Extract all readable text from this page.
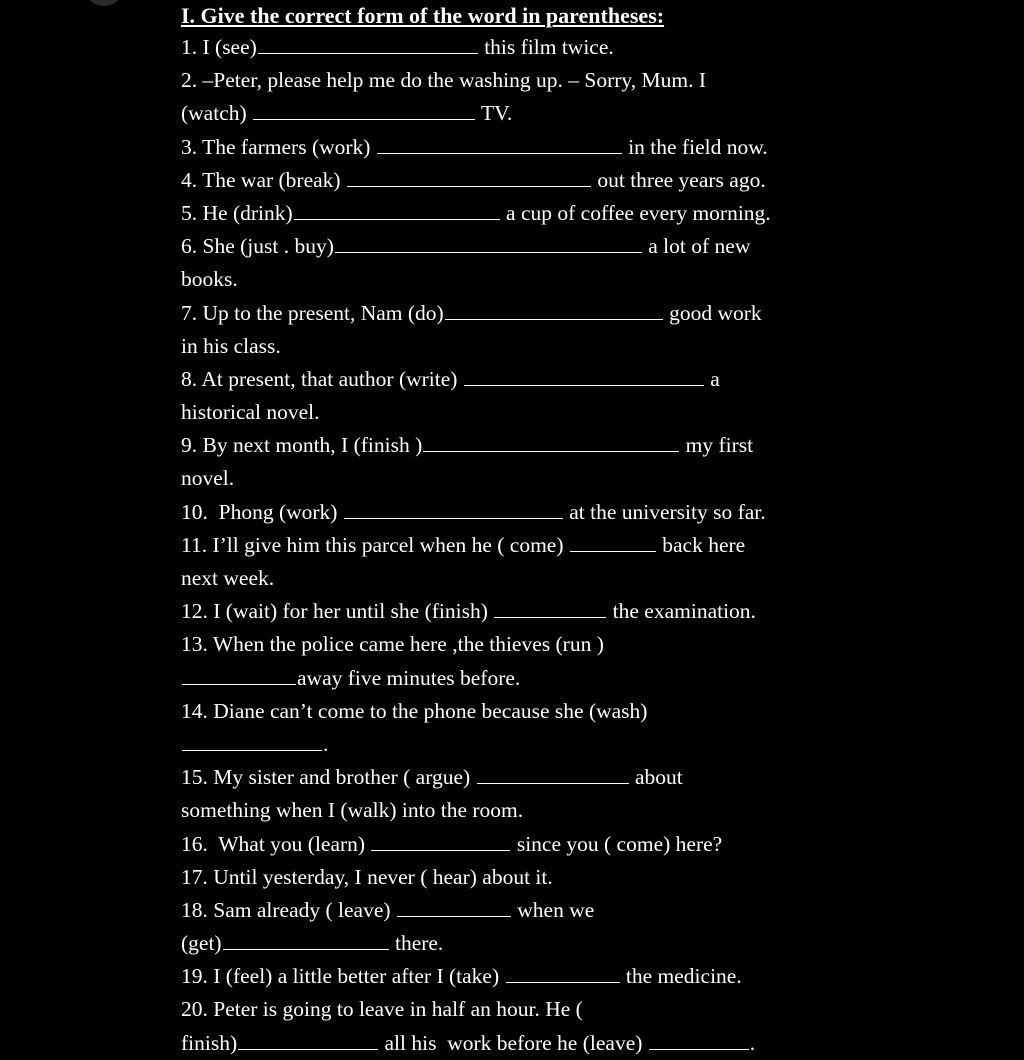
I. Give the correct form of the word in parentheses:
1. I (see)	this film twice.
2. –Peter, please help me do the washing up. – Sorry, Mum. I
(watch)	TV.
3. The farmers (work)	in the field now.
4. The war (break)	out three years ago.
5. He (drink)	a cup of coffee every morning.
6. She (just . buy)	a lot of new
books.
7. Up to the present, Nam (do)	good work
in his class.
8. At present, that author (write)	a
historical novel.
9. By next month, I (finish )	my first
novel.
10.  Phong (work)	at the university so far.
11. I’ll give him this parcel when he ( come)	back here
next week.
12. I (wait) for her until she (finish)	the examination.
13. When the police came here ,the thieves (run )
away five minutes before.
14. Diane can’t come to the phone because she (wash)
.
15. My sister and brother ( argue)	about
something when I (walk) into the room.
16.  What you (learn)	since you ( come) here?
17. Until yesterday, I never ( hear) about it.
18. Sam already ( leave)	when we
(get)	there.
19. I (feel) a little better after I (take)	the medicine.
20. Peter is going to leave in half an hour. He (
finish)	all his  work before he (leave)	.
